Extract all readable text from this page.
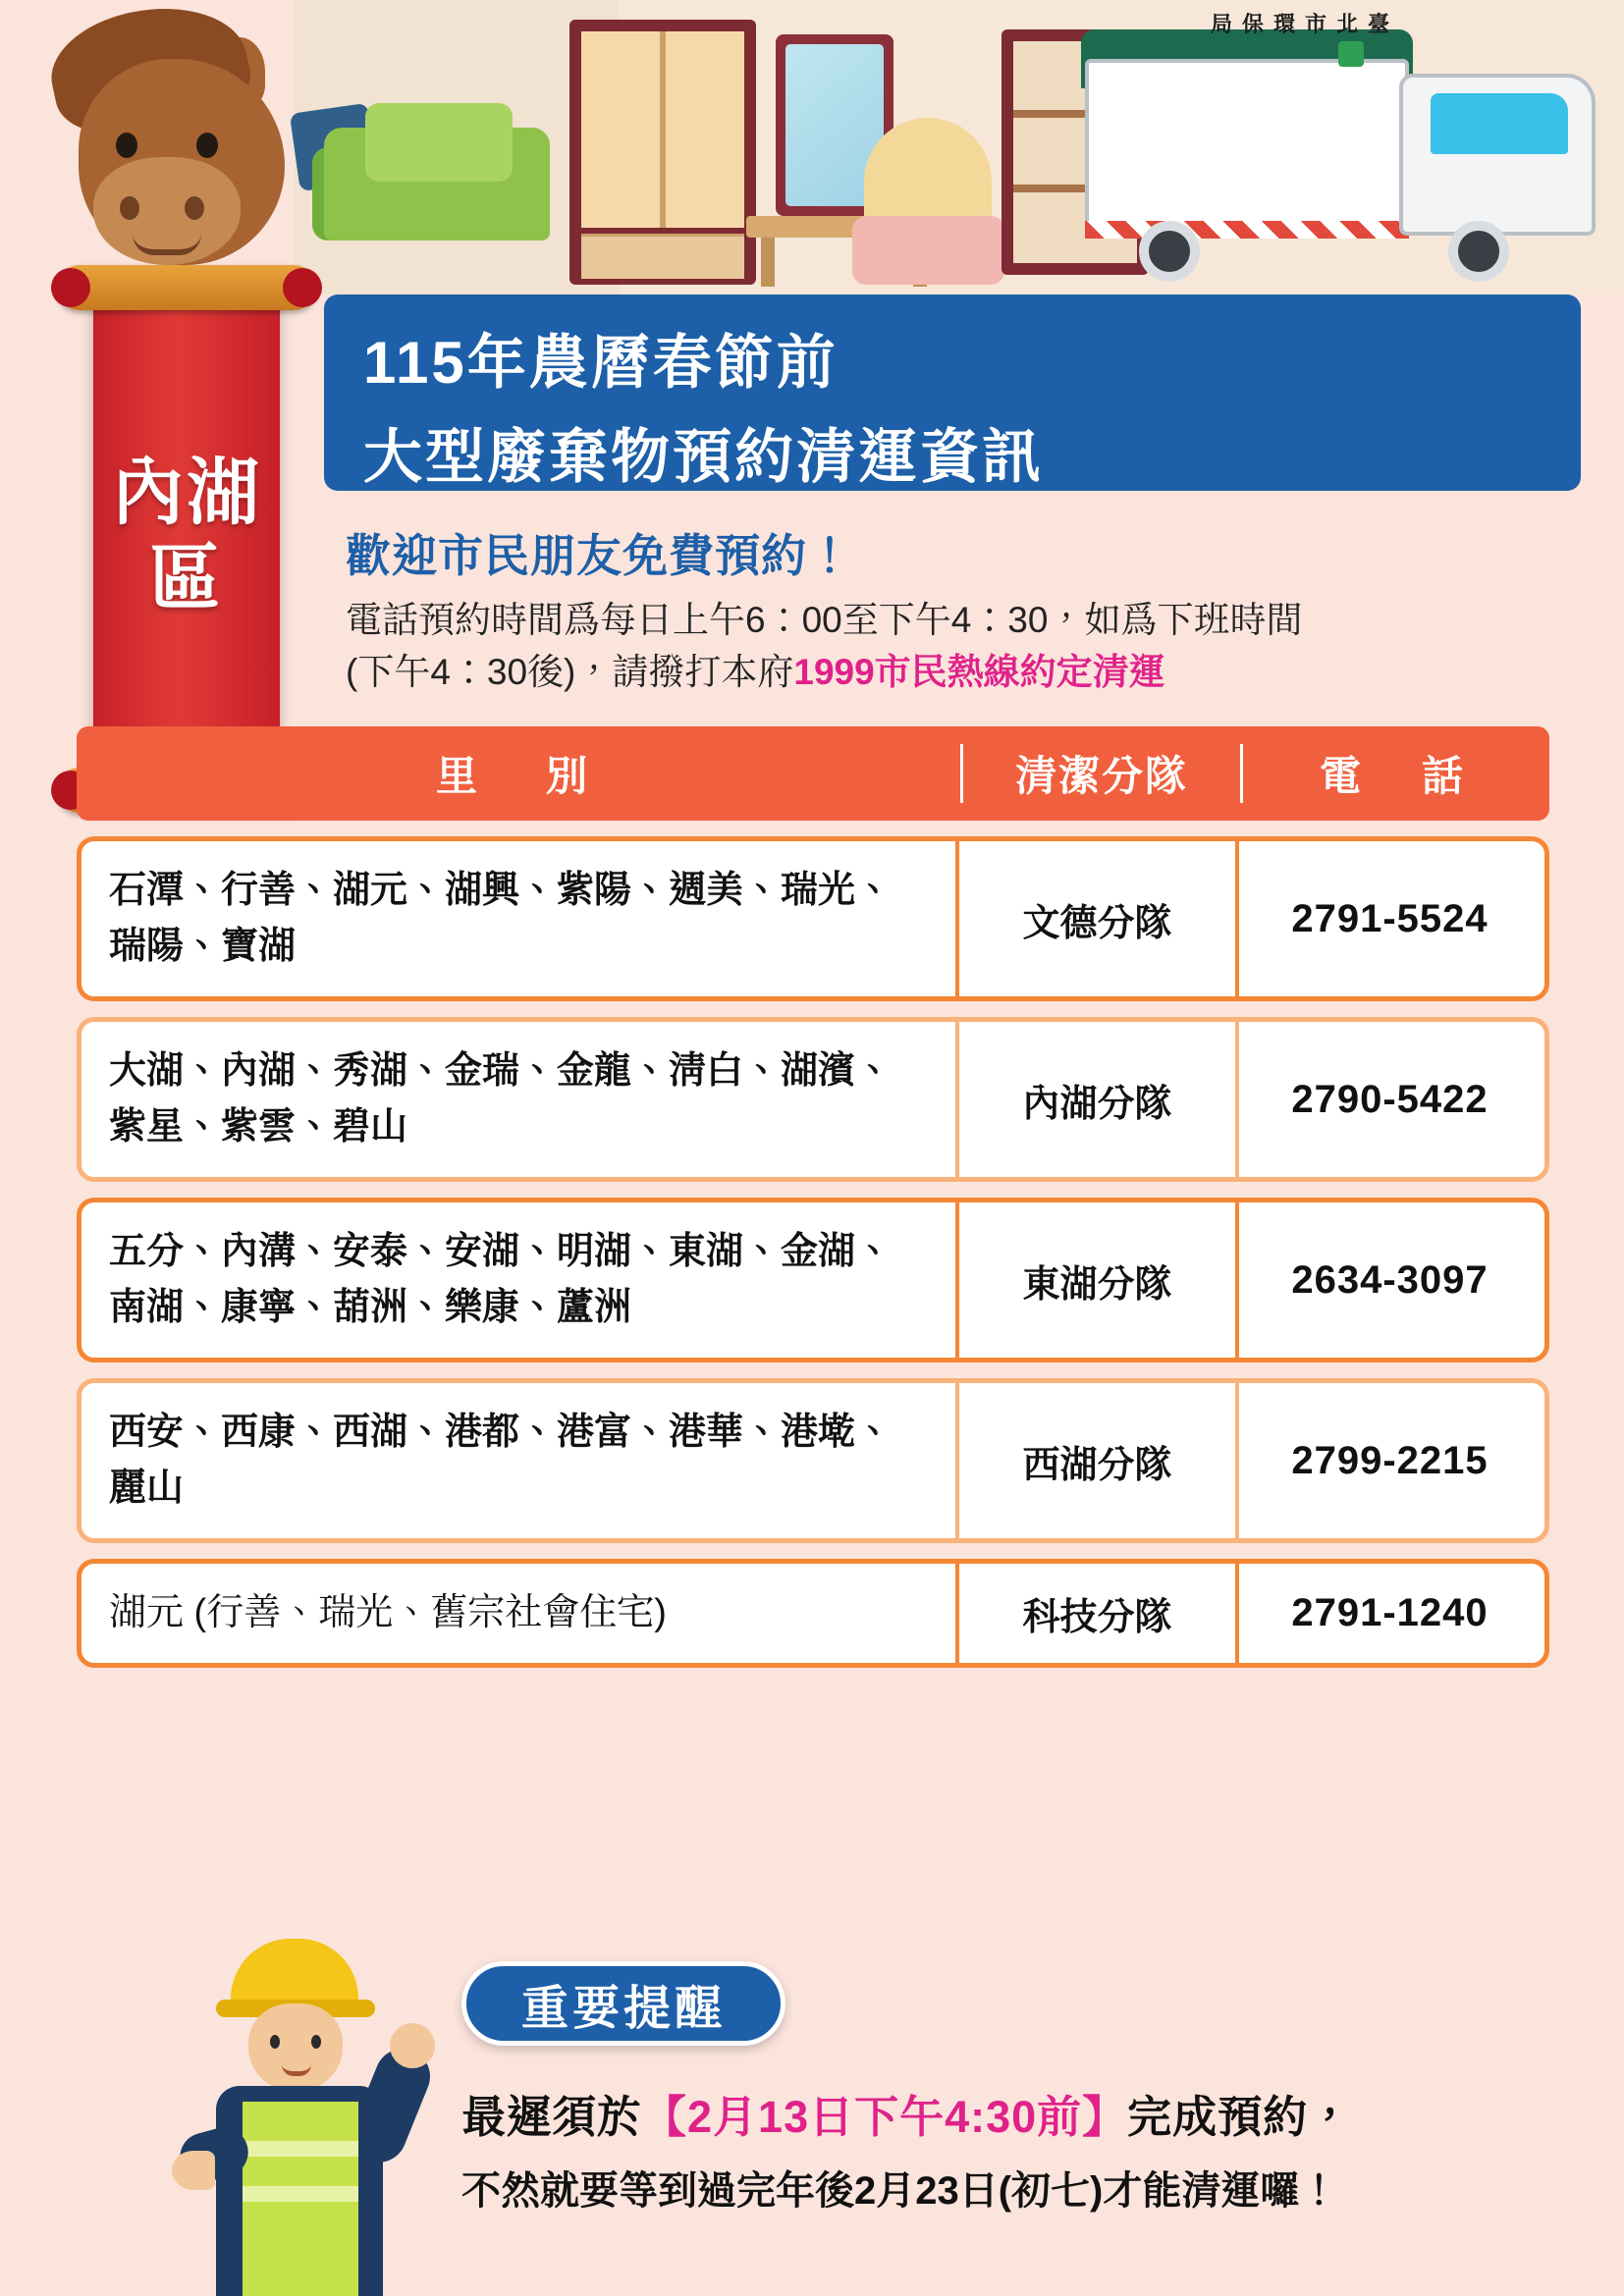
局保環市北臺
內湖區
115年農曆春節前
大型廢棄物預約清運資訊
歡迎市民朋友免費預約！
電話預約時間爲每日上午6：00至下午4：30，如爲下班時間
(下午4：30後)，請撥打本府1999市民熱線約定清運
里　別	清潔分隊	電　話
石潭、行善、湖元、湖興、紫陽、週美、瑞光、瑞陽、寶湖
文德分隊	2791-5524
大湖、內湖、秀湖、金瑞、金龍、淸白、湖濱、紫星、紫雲、碧山
內湖分隊	2790-5422
五分、內溝、安泰、安湖、明湖、東湖、金湖、南湖、康寧、葫洲、樂康、蘆洲
東湖分隊	2634-3097
西安、西康、西湖、港都、港富、港華、港墘、麗山
西湖分隊	2799-2215
湖元 (行善、瑞光、舊宗社會住宅)	科技分隊	2791-1240
重要提醒
最遲須於【2月13日下午4:30前】完成預約，
不然就要等到過完年後2月23日(初七)才能清運囉！
